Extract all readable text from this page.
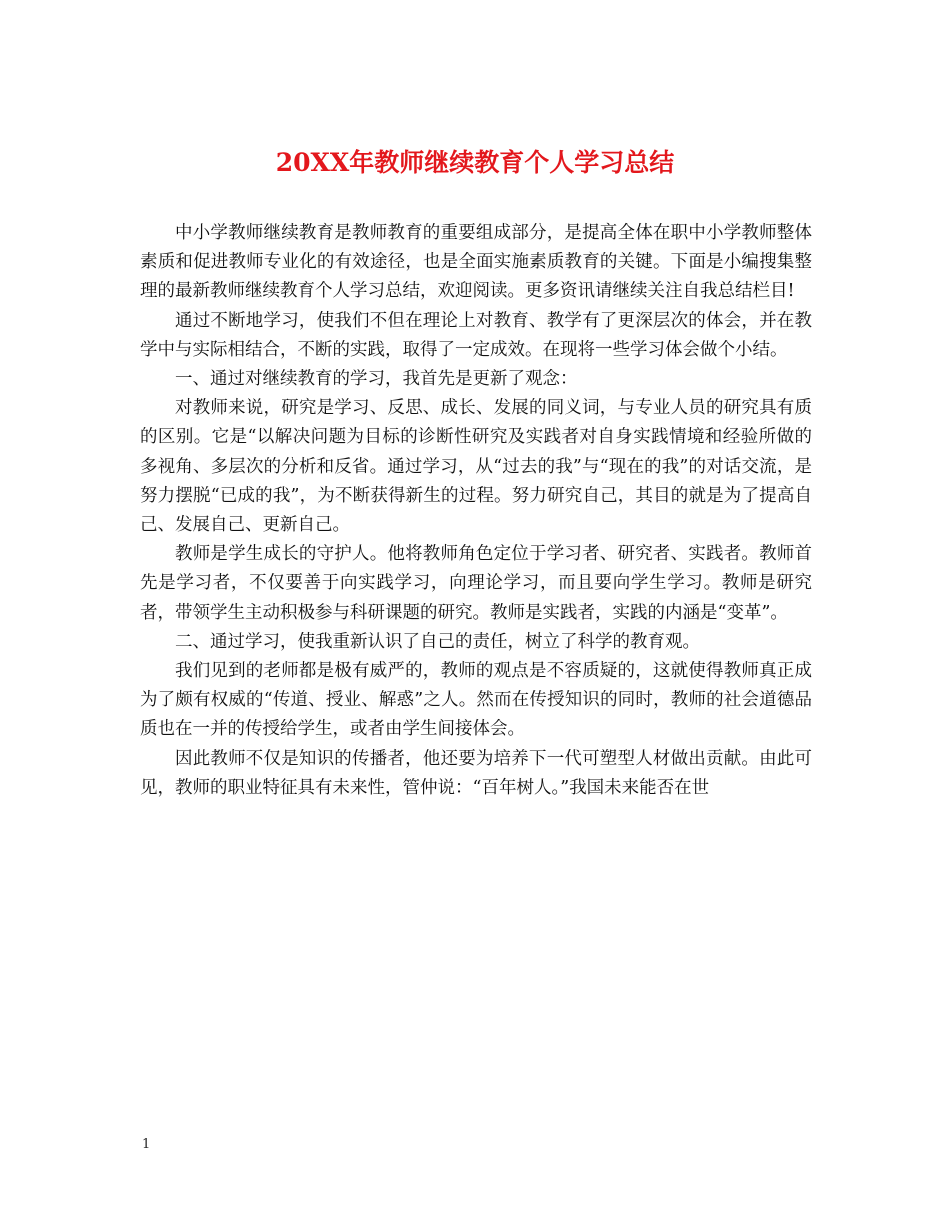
20XX年教师继续教育个人学习总结

中小学教师继续教育是教师教育的重要组成部分，是提高全体在职中小学教师整体素质和促进教师专业化的有效途径，也是全面实施素质教育的关键。下面是小编搜集整理的最新教师继续教育个人学习总结，欢迎阅读。更多资讯请继续关注自我总结栏目!

通过不断地学习，使我们不但在理论上对教育、教学有了更深层次的体会，并在教学中与实际相结合，不断的实践，取得了一定成效。在现将一些学习体会做个小结。

一、通过对继续教育的学习，我首先是更新了观念：

对教师来说，研究是学习、反思、成长、发展的同义词，与专业人员的研究具有质的区别。它是“以解决问题为目标的诊断性研究及实践者对自身实践情境和经验所做的多视角、多层次的分析和反省。通过学习，从“过去的我”与“现在的我”的对话交流，是努力摆脱“已成的我”，为不断获得新生的过程。努力研究自己，其目的就是为了提高自己、发展自己、更新自己。

教师是学生成长的守护人。他将教师角色定位于学习者、研究者、实践者。教师首先是学习者，不仅要善于向实践学习，向理论学习，而且要向学生学习。教师是研究者，带领学生主动积极参与科研课题的研究。教师是实践者，实践的内涵是“变革”。

二、通过学习，使我重新认识了自己的责任，树立了科学的教育观。

我们见到的老师都是极有威严的，教师的观点是不容质疑的，这就使得教师真正成为了颇有权威的“传道、授业、解惑”之人。然而在传授知识的同时，教师的社会道德品质也在一并的传授给学生，或者由学生间接体会。

因此教师不仅是知识的传播者，他还要为培养下一代可塑型人材做出贡献。由此可见，教师的职业特征具有未来性，管仲说：“百年树人。”我国未来能否在世

1
